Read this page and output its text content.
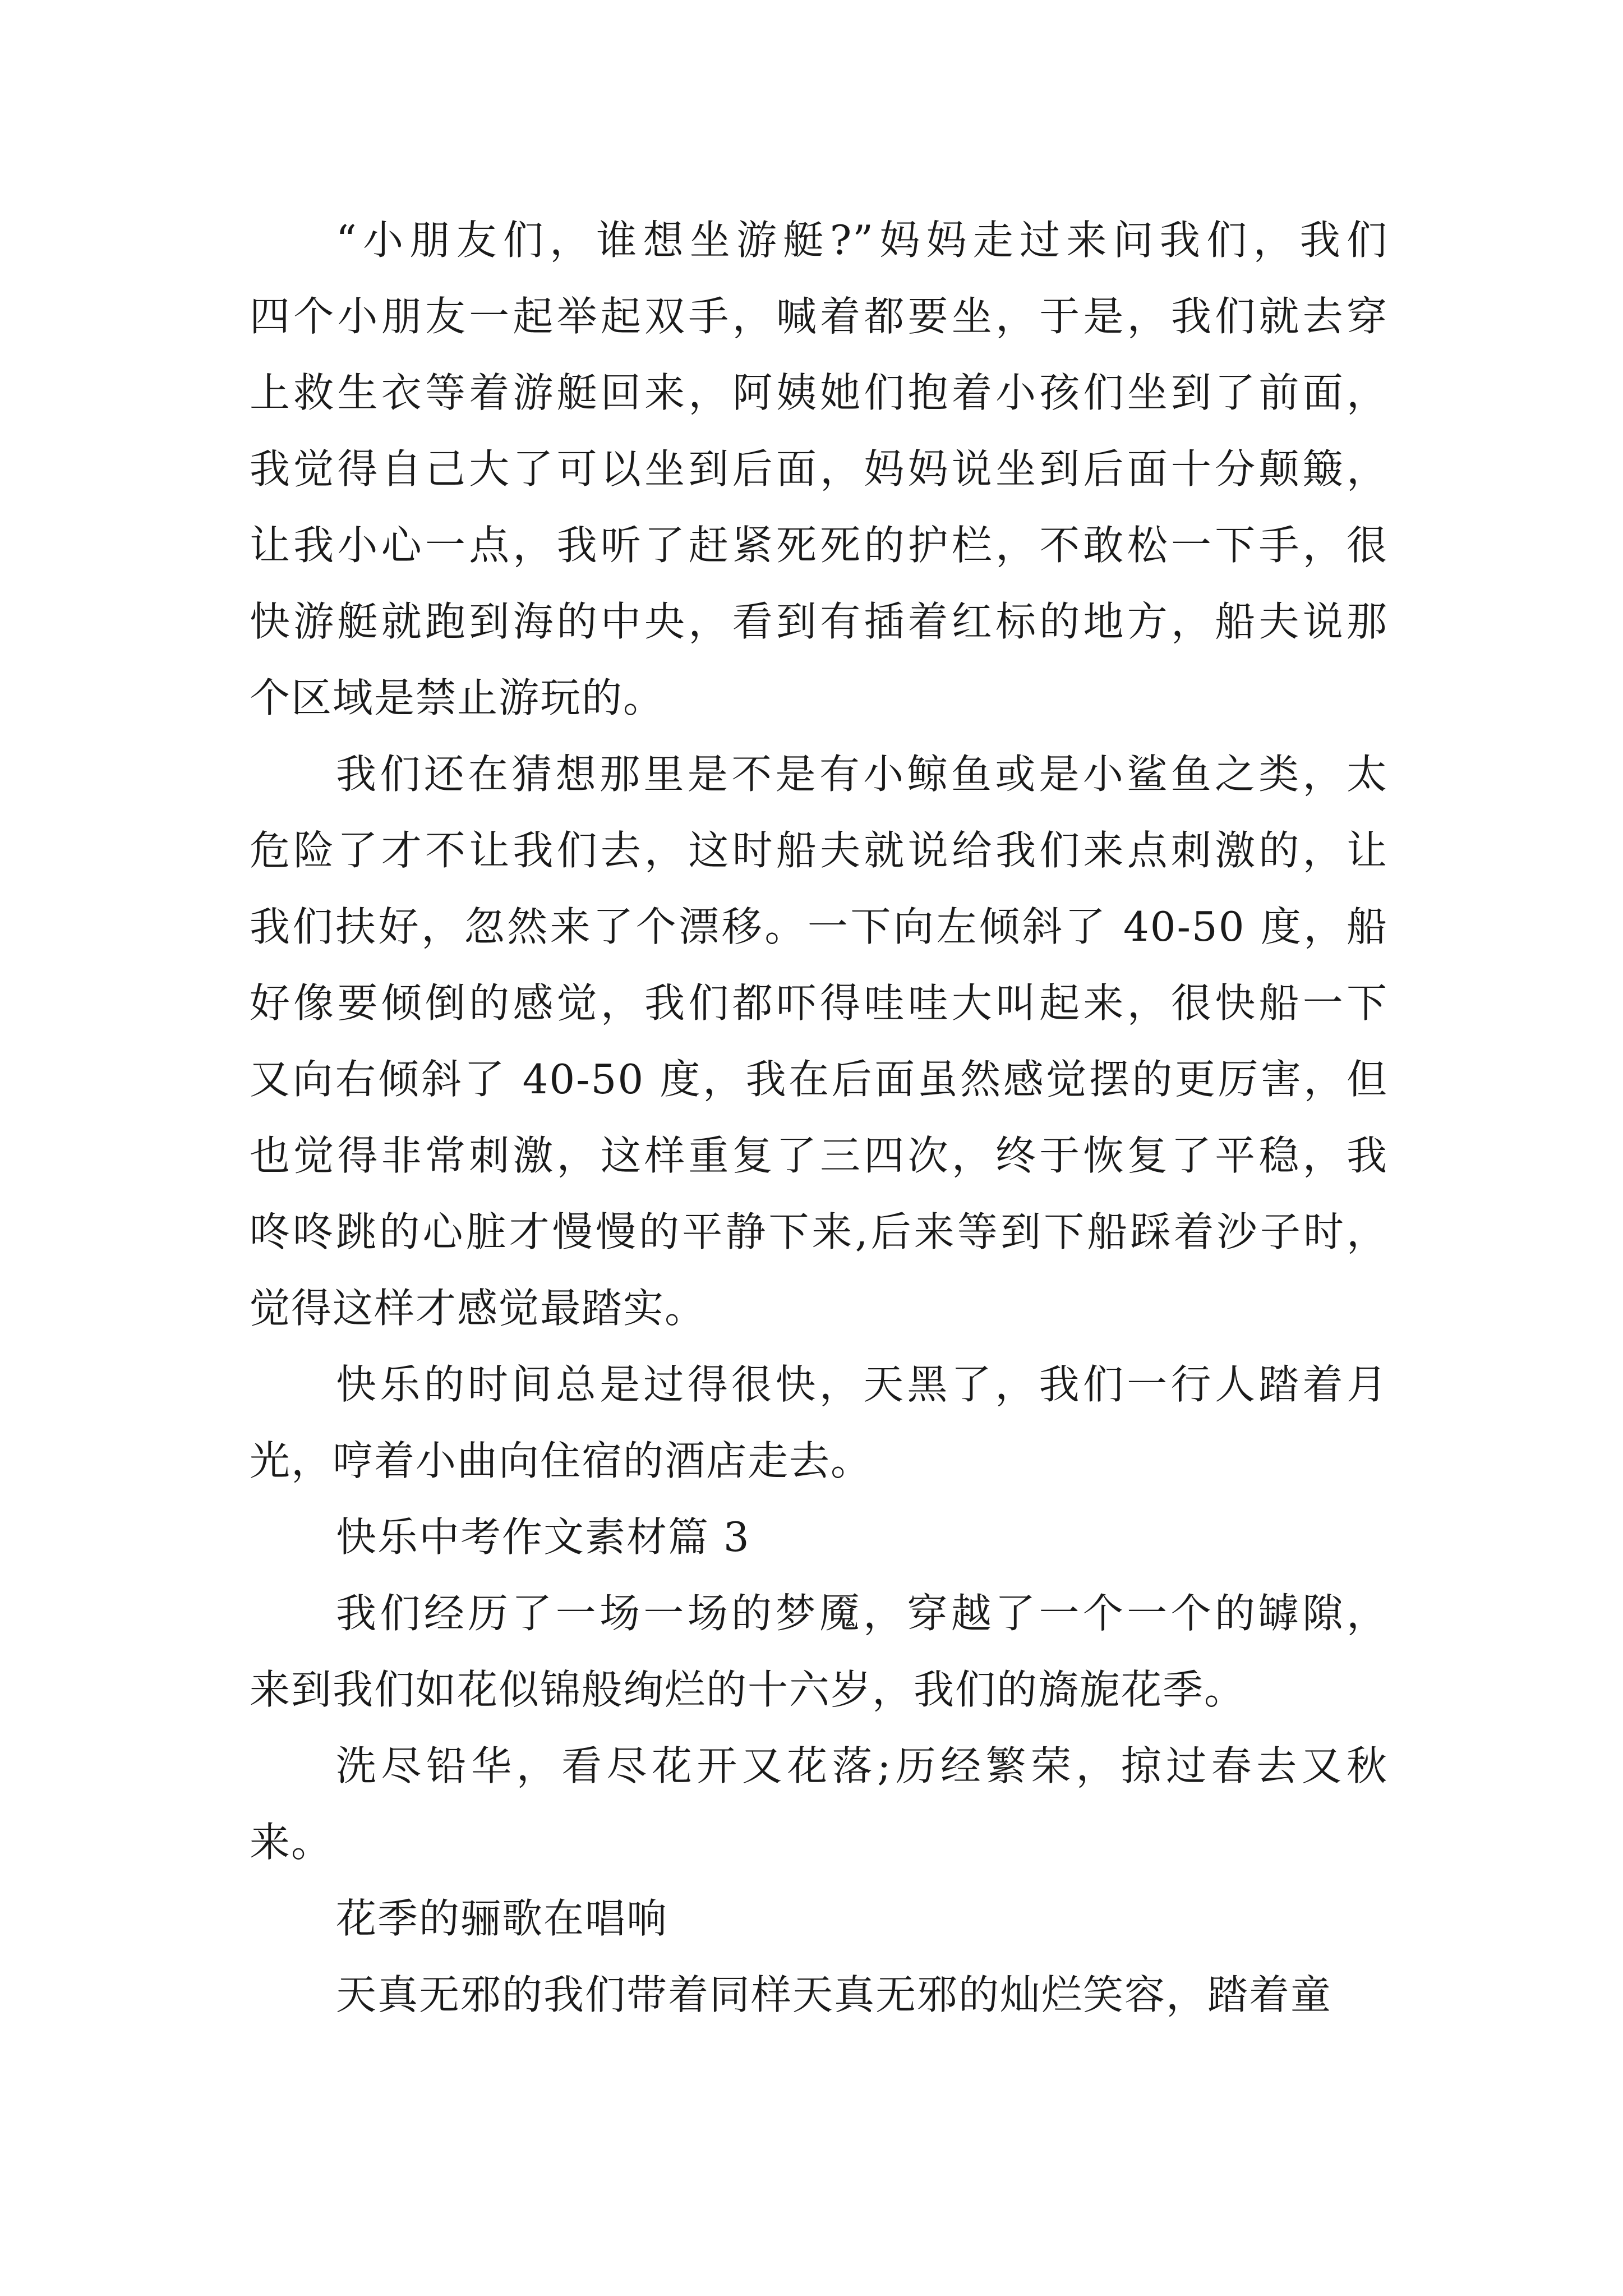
“小朋友们，谁想坐游艇?”妈妈走过来问我们，我们
四个小朋友一起举起双手，喊着都要坐，于是，我们就去穿
上救生衣等着游艇回来，阿姨她们抱着小孩们坐到了前面，
我觉得自己大了可以坐到后面，妈妈说坐到后面十分颠簸，
让我小心一点，我听了赶紧死死的护栏，不敢松一下手，很
快游艇就跑到海的中央，看到有插着红标的地方，船夫说那
个区域是禁止游玩的。
我们还在猜想那里是不是有小鲸鱼或是小鲨鱼之类，太
危险了才不让我们去，这时船夫就说给我们来点刺激的，让
我们扶好，忽然来了个漂移。一下向左倾斜了 40-50 度，船
好像要倾倒的感觉，我们都吓得哇哇大叫起来，很快船一下
又向右倾斜了 40-50 度，我在后面虽然感觉摆的更厉害，但
也觉得非常刺激，这样重复了三四次，终于恢复了平稳，我
咚咚跳的心脏才慢慢的平静下来,后来等到下船踩着沙子时，
觉得这样才感觉最踏实。
快乐的时间总是过得很快，天黑了，我们一行人踏着月
光，哼着小曲向住宿的酒店走去。
快乐中考作文素材篇 3
我们经历了一场一场的梦魇，穿越了一个一个的罅隙，
来到我们如花似锦般绚烂的十六岁，我们的旖旎花季。
洗尽铅华，看尽花开又花落;历经繁荣，掠过春去又秋
来。
花季的骊歌在唱响
天真无邪的我们带着同样天真无邪的灿烂笑容，踏着童
